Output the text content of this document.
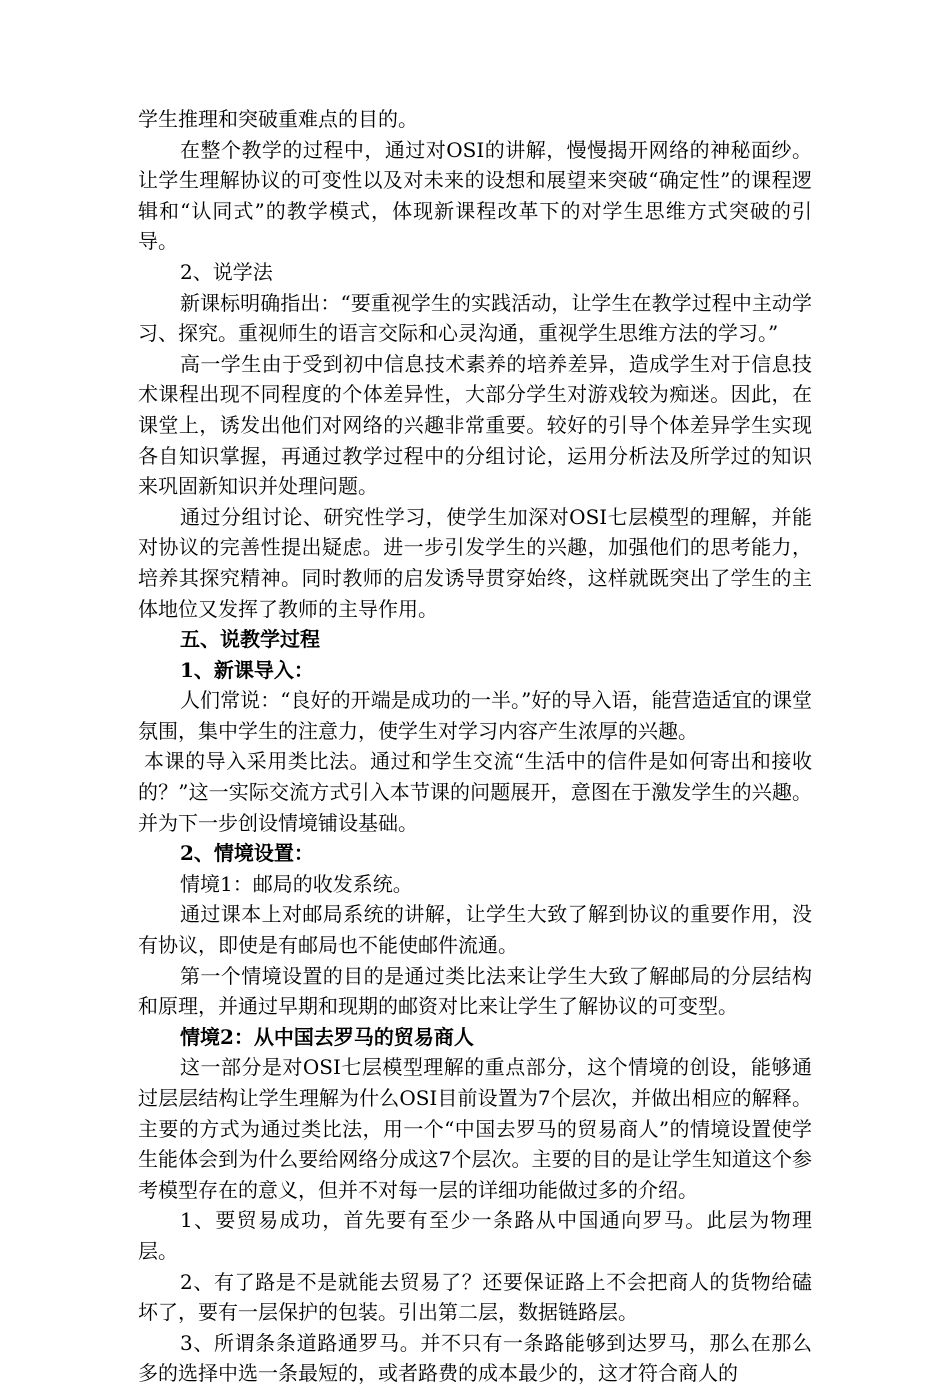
学生推理和突破重难点的目的。

在整个教学的过程中，通过对OSI的讲解，慢慢揭开网络的神秘面纱。让学生理解协议的可变性以及对未来的设想和展望来突破“确定性”的课程逻辑和“认同式”的教学模式，体现新课程改革下的对学生思维方式突破的引导。

2、说学法

新课标明确指出：“要重视学生的实践活动，让学生在教学过程中主动学习、探究。重视师生的语言交际和心灵沟通，重视学生思维方法的学习。”

高一学生由于受到初中信息技术素养的培养差异，造成学生对于信息技术课程出现不同程度的个体差异性，大部分学生对游戏较为痴迷。因此，在课堂上，诱发出他们对网络的兴趣非常重要。较好的引导个体差异学生实现各自知识掌握，再通过教学过程中的分组讨论，运用分析法及所学过的知识来巩固新知识并处理问题。

通过分组讨论、研究性学习，使学生加深对OSI七层模型的理解，并能对协议的完善性提出疑虑。进一步引发学生的兴趣，加强他们的思考能力，培养其探究精神。同时教师的启发诱导贯穿始终，这样就既突出了学生的主体地位又发挥了教师的主导作用。

五、说教学过程

1、新课导入：

人们常说：“良好的开端是成功的一半。”好的导入语，能营造适宜的课堂氛围，集中学生的注意力，使学生对学习内容产生浓厚的兴趣。

本课的导入采用类比法。通过和学生交流“生活中的信件是如何寄出和接收的？”这一实际交流方式引入本节课的问题展开，意图在于激发学生的兴趣。并为下一步创设情境铺设基础。

2、情境设置：

情境1：邮局的收发系统。

通过课本上对邮局系统的讲解，让学生大致了解到协议的重要作用，没有协议，即使是有邮局也不能使邮件流通。

第一个情境设置的目的是通过类比法来让学生大致了解邮局的分层结构和原理，并通过早期和现期的邮资对比来让学生了解协议的可变型。

情境2：从中国去罗马的贸易商人

这一部分是对OSI七层模型理解的重点部分，这个情境的创设，能够通过层层结构让学生理解为什么OSI目前设置为7个层次，并做出相应的解释。主要的方式为通过类比法，用一个“中国去罗马的贸易商人”的情境设置使学生能体会到为什么要给网络分成这7个层次。主要的目的是让学生知道这个参考模型存在的意义，但并不对每一层的详细功能做过多的介绍。

1、要贸易成功，首先要有至少一条路从中国通向罗马。此层为物理层。

2、有了路是不是就能去贸易了？还要保证路上不会把商人的货物给磕坏了，要有一层保护的包装。引出第二层，数据链路层。

3、所谓条条道路通罗马。并不只有一条路能够到达罗马，那么在那么多的选择中选一条最短的，或者路费的成本最少的，这才符合商人的
